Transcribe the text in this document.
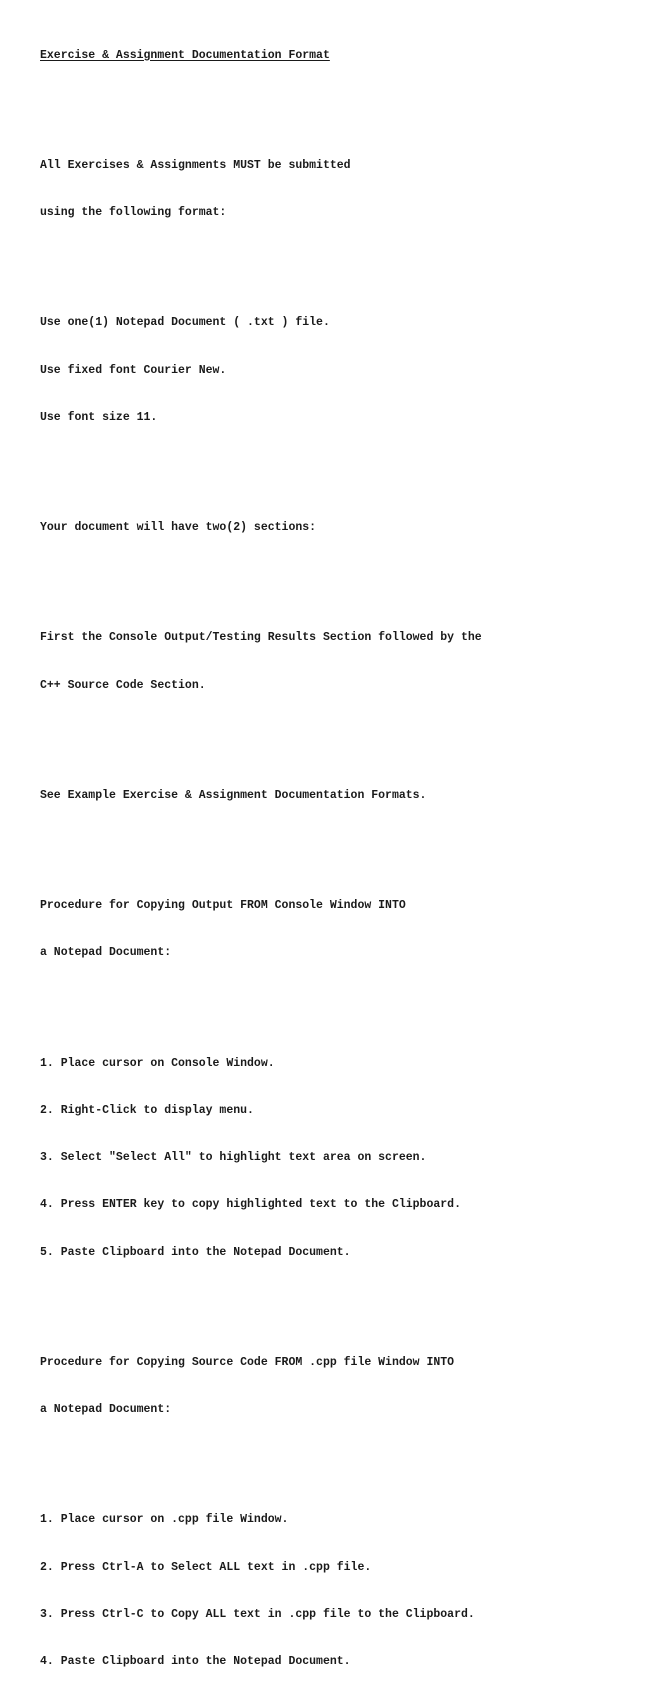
Exercise & Assignment Documentation Format

All Exercises & Assignments MUST be submitted

using the following format:

Use one(1) Notepad Document ( .txt ) file.

Use fixed font Courier New.

Use font size 11.

Your document will have two(2) sections:

First the Console Output/Testing Results Section followed by the

C++ Source Code Section.

See Example Exercise & Assignment Documentation Formats.

Procedure for Copying Output FROM Console Window INTO

a Notepad Document:

1. Place cursor on Console Window.

2. Right-Click to display menu.

3. Select "Select All" to highlight text area on screen.

4. Press ENTER key to copy highlighted text to the Clipboard.

5. Paste Clipboard into the Notepad Document.

Procedure for Copying Source Code FROM .cpp file Window INTO

a Notepad Document:

1. Place cursor on .cpp file Window.

2. Press Ctrl-A to Select ALL text in .cpp file.

3. Press Ctrl-C to Copy ALL text in .cpp file to the Clipboard.

4. Paste Clipboard into the Notepad Document.
